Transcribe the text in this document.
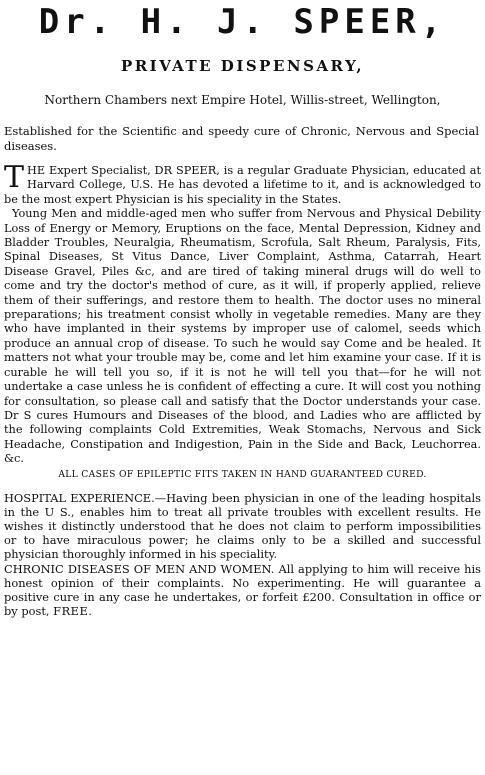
Dr. H. J. SPEER,
PRIVATE DISPENSARY,
Northern Chambers next Empire Hotel, Willis-street, Wellington,
Established for the Scientific and speedy cure of Chronic, Nervous and Special diseases.
THE Expert Specialist, DR SPEER, is a regular Graduate Physician, educated at Harvard College, U.S. He has devoted a lifetime to it, and is acknowledged to be the most expert Physician is his speciality in the States.
Young Men and middle-aged men who suffer from Nervous and Physical Debility Loss of Energy or Memory, Eruptions on the face, Mental Depression, Kidney and Bladder Troubles, Neuralgia, Rheumatism, Scrofula, Salt Rheum, Paralysis, Fits, Spinal Diseases, St Vitus Dance, Liver Complaint, Asthma, Catarrah, Heart Disease Gravel, Piles &c, and are tired of taking mineral drugs will do well to come and try the doctor's method of cure, as it will, if properly applied, relieve them of their sufferings, and restore them to health. The doctor uses no mineral preparations; his treatment consist wholly in vegetable remedies. Many are they who have implanted in their systems by improper use of calomel, seeds which produce an annual crop of disease. To such he would say Come and be healed. It matters not what your trouble may be, come and let him examine your case. If it is curable he will tell you so, if it is not he will tell you that—for he will not undertake a case unless he is confident of effecting a cure. It will cost you nothing for consultation, so please call and satisfy that the Doctor understands your case. Dr S cures Humours and Diseases of the blood, and Ladies who are afflicted by the following complaints Cold Extremities, Weak Stomachs, Nervous and Sick Headache, Constipation and Indigestion, Pain in the Side and Back, Leuchorrea. &c.
ALL CASES OF EPILEPTIC FITS TAKEN IN HAND GUARANTEED CURED.
HOSPITAL EXPERIENCE.—Having been physician in one of the leading hospitals in the U S., enables him to treat all private troubles with excellent results. He wishes it distinctly understood that he does not claim to perform impossibilities or to have miraculous power; he claims only to be a skilled and successful physician thoroughly informed in his speciality.
CHRONIC DISEASES OF MEN AND WOMEN. All applying to him will receive his honest opinion of their complaints. No experimenting. He will guarantee a positive cure in any case he undertakes, or forfeit £200. Consultation in office or by post, FREE.
